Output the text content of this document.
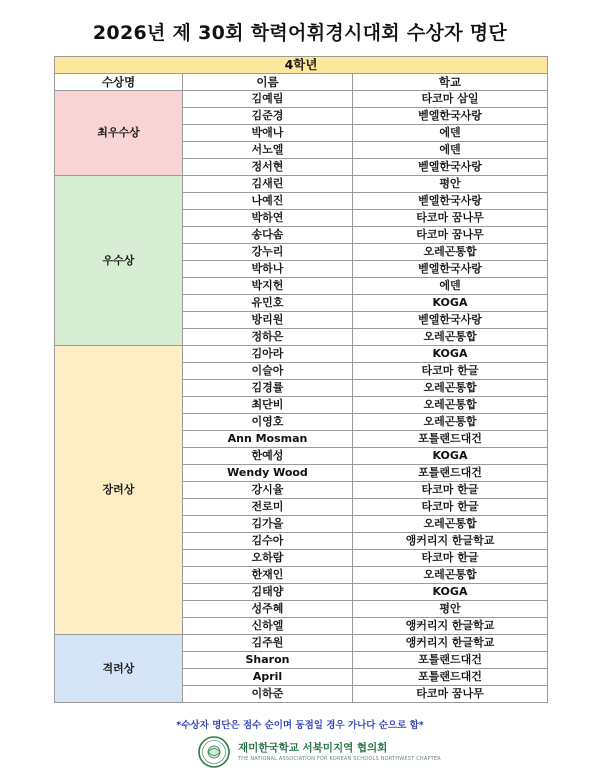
2026년 제 30회 학력어휘경시대회 수상자 명단
4학년		
수상명	이름	학교
최우수상	김예림	타코마 삼일
	김준경	벧엘한국사랑
	박애나	에덴
	서노엘	에덴
	정서현	벧엘한국사랑
우수상	김새린	평안
	나예진	벧엘한국사랑
	박하연	타코마 꿈나무
	송다솜	타코마 꿈나무
	강누리	오레곤통합
	박하나	벧엘한국사랑
	박지헌	에덴
	유민호	KOGA
	방리원	벧엘한국사랑
	정하은	오레곤통합
장려상	김아라	KOGA
	이슬아	타코마 한글
	김경률	오레곤통합
	최단비	오레곤통합
	이영호	오레곤통합
	Ann Mosman	포틀랜드대건
	한예성	KOGA
	Wendy Wood	포틀랜드대건
	강시율	타코마 한글
	전로미	타코마 한글
	김가을	오레곤통합
	김수아	앵커리지 한글학교
	오하람	타코마 한글
	한재인	오레곤통합
	김태양	KOGA
	성주혜	평안
	신하엘	앵커리지 한글학교
격려상	김주원	앵커리지 한글학교
	Sharon	포틀랜드대건
	April	포틀랜드대건
	이하준	타코마 꿈나무
*수상자 명단은 점수 순이며 동점일 경우 가나다 순으로 함*
재미한국학교 서북미지역 협의회
THE NATIONAL ASSOCIATION FOR KOREAN SCHOOLS NORTHWEST CHAPTER
